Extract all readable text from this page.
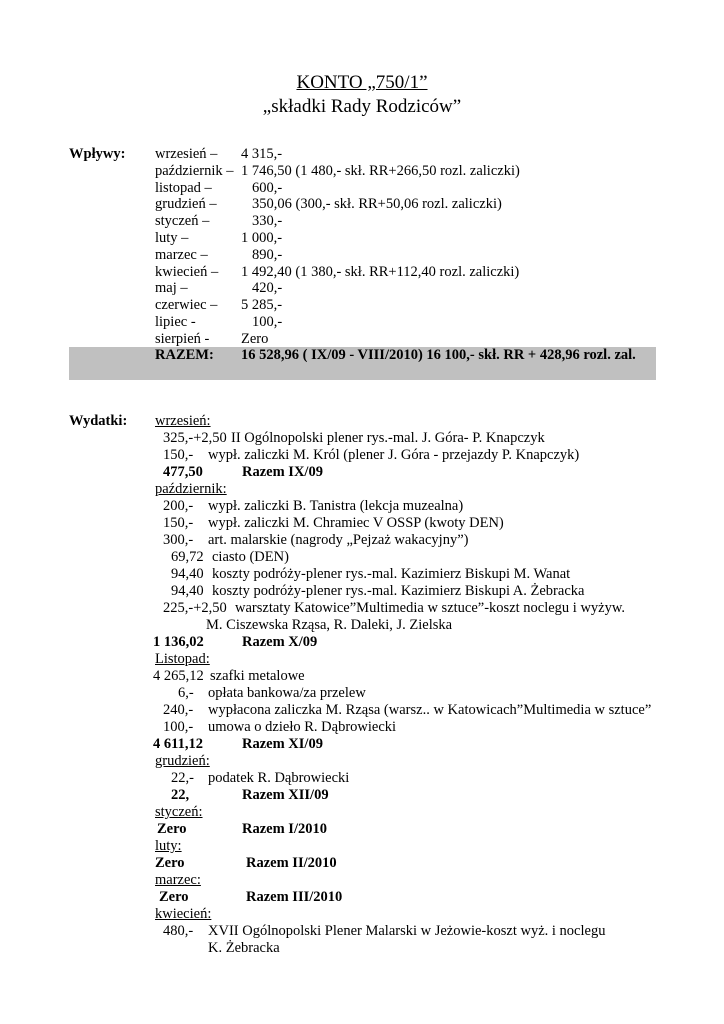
KONTO „750/1”
„składki Rady Rodziców”
Wpływy: wrzesień – 4 315,-
październik – 1 746,50 (1 480,- skł. RR+266,50 rozl. zaliczki)
listopad –	600,-
grudzień – 350,06 (300,- skł. RR+50,06 rozl. zaliczki)
styczeń –	330,-
luty –	1 000,-
marzec –	890,-
kwiecień – 1 492,40 (1 380,- skł. RR+112,40 rozl. zaliczki)
maj –	420,-
czerwiec – 5 285,-
lipiec -	100,-
sierpień - Zero
RAZEM: 16 528,96 ( IX/09 - VIII/2010) 16 100,- skł. RR + 428,96 rozl. zal.
Wydatki: wrzesień:
325,-+2,50 II Ogólnopolski plener rys.-mal. J. Góra- P. Knapczyk
150,- wypł. zaliczki M. Król (plener J. Góra - przejazdy P. Knapczyk)
477,50	Razem IX/09
październik:
200,- wypł. zaliczki B. Tanistra (lekcja muzealna)
150,- wypł. zaliczki M. Chramiec V OSSP (kwoty DEN)
300,- art. malarskie (nagrody „Pejzaż wakacyjny”)
69,72 ciasto (DEN)
94,40 koszty podróży-plener rys.-mal. Kazimierz Biskupi M. Wanat
94,40 koszty podróży-plener rys.-mal. Kazimierz Biskupi A. Żebracka
225,-+2,50 warsztaty Katowice”Multimedia w sztuce”-koszt noclegu i wyżyw.
M. Ciszewska Rząsa, R. Daleki, J. Zielska
1 136,02	Razem X/09
Listopad:
4 265,12 szafki metalowe
6,- opłata bankowa/za przelew
240,- wypłacona zaliczka M. Rząsa (warsz.. w Katowicach”Multimedia w sztuce”
100,- umowa o dzieło R. Dąbrowiecki
4 611,12	Razem XI/09
grudzień:
22,- podatek R. Dąbrowiecki
22,	Razem XII/09
styczeń:
Zero	Razem I/2010
luty:
Zero	Razem II/2010
marzec:
Zero	Razem III/2010
kwiecień:
480,- XVII Ogólnopolski Plener Malarski w Jeżowie-koszt wyż. i noclegu
K. Żebracka
